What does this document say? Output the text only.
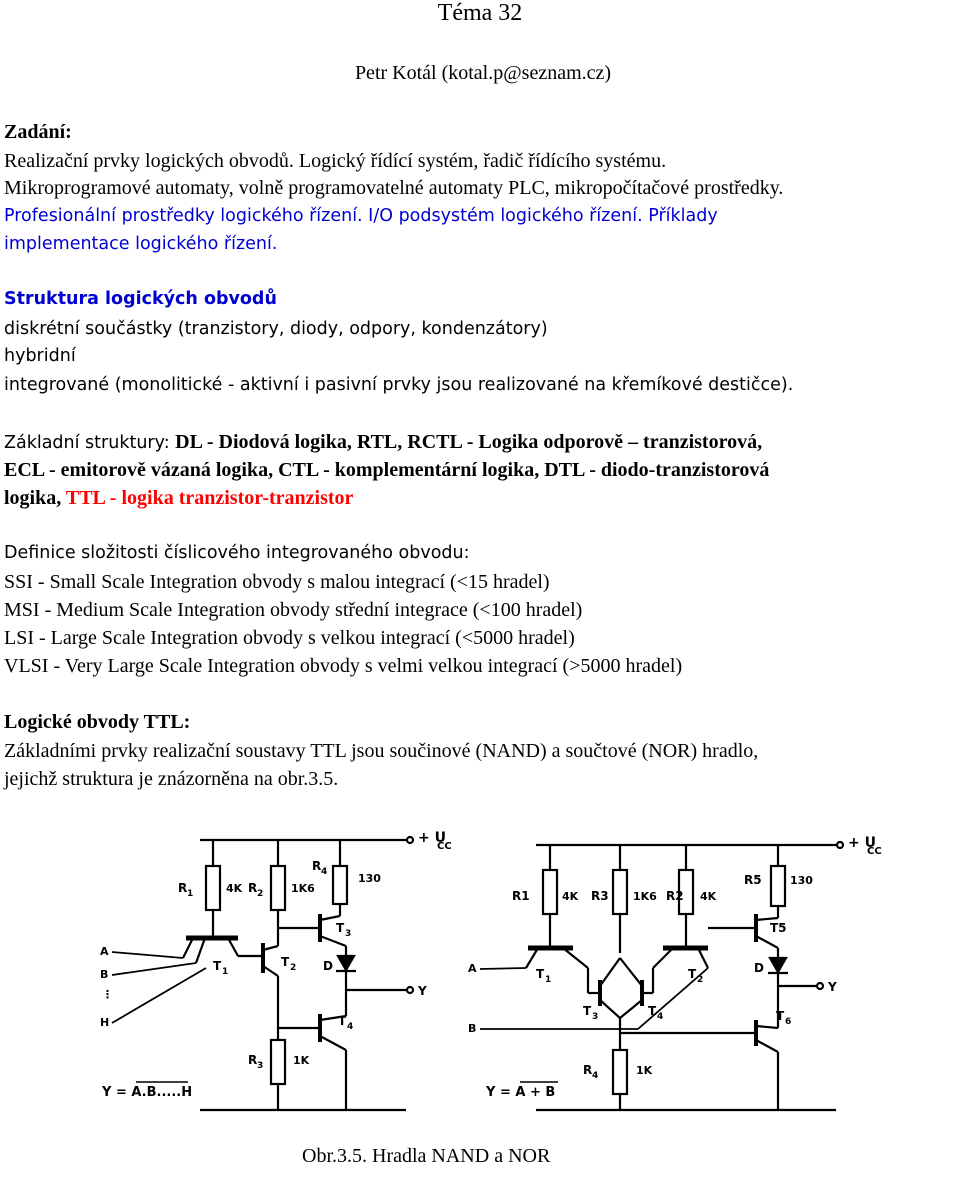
Téma 32
Petr Kotál (kotal.p@seznam.cz)
Zadání:
Realizační prvky logických obvodů. Logický řídící systém, řadič řídícího systému.
Mikroprogramové automaty, volně programovatelné automaty PLC, mikropočítačové prostředky.
Profesionální prostředky logického řízení. I/O podsystém logického řízení. Příklady
implementace logického řízení.
Struktura logických obvodů
diskrétní součástky (tranzistory, diody, odpory, kondenzátory)
hybridní
integrované (monolitické - aktivní i pasivní prvky jsou realizované na křemíkové destičce).
Základní struktury: DL - Diodová logika, RTL, RCTL - Logika odporově – tranzistorová,
ECL - emitorově vázaná logika, CTL - komplementární logika, DTL - diodo-tranzistorová
logika, TTL - logika tranzistor-tranzistor
Definice složitosti číslicového integrovaného obvodu:
SSI - Small Scale Integration obvody s malou integrací (<15 hradel)
MSI - Medium Scale Integration obvody střední integrace (<100 hradel)
LSI - Large Scale Integration obvody s velkou integrací (<5000 hradel)
VLSI - Very Large Scale Integration obvody s velmi velkou integrací (>5000 hradel)
Logické obvody TTL:
Základními prvky realizační soustavy TTL jsou součinové (NAND) a součtové (NOR) hradlo,
jejichž struktura je znázorněna na obr.3.5.
+ U
CC
R 1	4K
T 1
A
B
⋮
H
R 2	1K6
T 2
R 4	130
T 3
D
Y
T 4
R 3	1K
Y = A.B.....H
+ U
CC
R1	4K R3 1K6 R2 4K
T 1
A	T 2
B
T 3	T 4
R 4	1K
R5	130
T5
D
Y
T 6
Y = A + B
Obr.3.5. Hradla NAND a NOR
